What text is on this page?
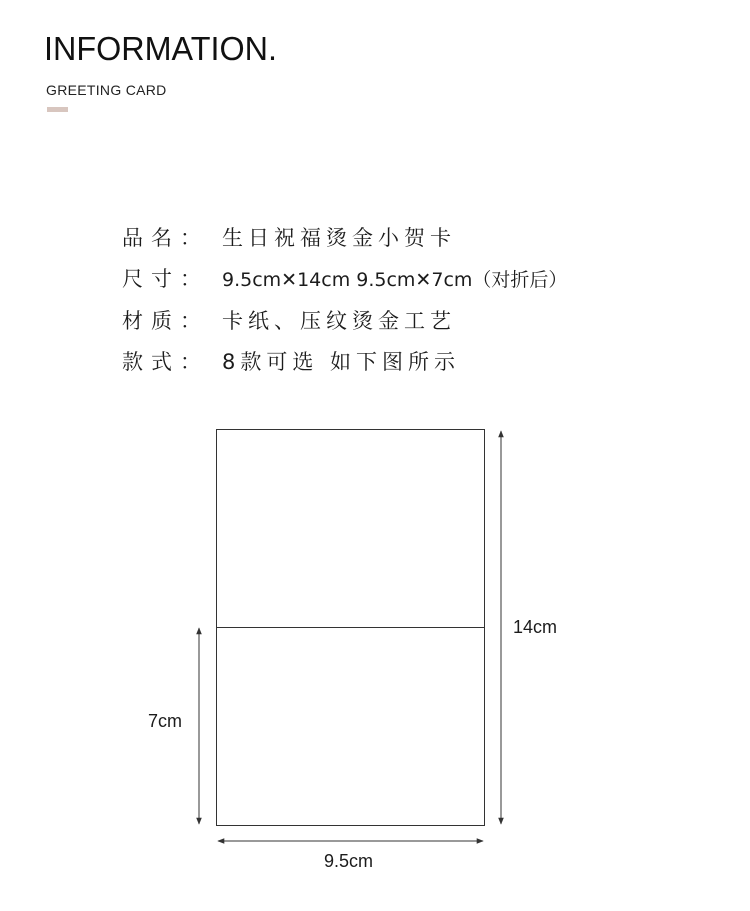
INFORMATION.
GREETING CARD
品名： 生日祝福烫金小贺卡
尺寸： 9.5cm✕14cm 9.5cm✕7cm（对折后）
材质： 卡纸、压纹烫金工艺
款式： 8款可选 如下图所示
14cm
7cm
9.5cm
